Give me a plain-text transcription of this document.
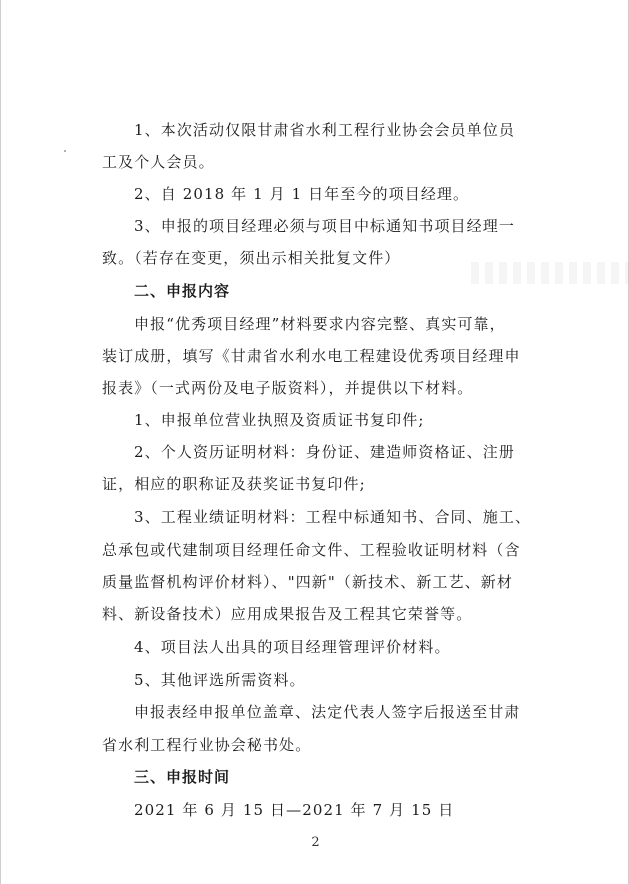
1、本次活动仅限甘肃省水利工程行业协会会员单位员
工及个人会员。
2、自 2018 年 1 月 1 日年至今的项目经理。
3、申报的项目经理必须与项目中标通知书项目经理一
致。（若存在变更，须出示相关批复文件）
二、申报内容
申报“优秀项目经理”材料要求内容完整、真实可靠，
装订成册，填写《甘肃省水利水电工程建设优秀项目经理申
报表》（一式两份及电子版资料），并提供以下材料。
1、申报单位营业执照及资质证书复印件;
2、个人资历证明材料：身份证、建造师资格证、注册
证，相应的职称证及获奖证书复印件;
3、工程业绩证明材料：工程中标通知书、合同、施工、
总承包或代建制项目经理任命文件、工程验收证明材料（含
质量监督机构评价材料）、"四新"（新技术、新工艺、新材
料、新设备技术）应用成果报告及工程其它荣誉等。
4、项目法人出具的项目经理管理评价材料。
5、其他评选所需资料。
申报表经申报单位盖章、法定代表人签字后报送至甘肃
省水利工程行业协会秘书处。
三、申报时间
2021 年 6 月 15 日—2021 年 7 月 15 日
2
